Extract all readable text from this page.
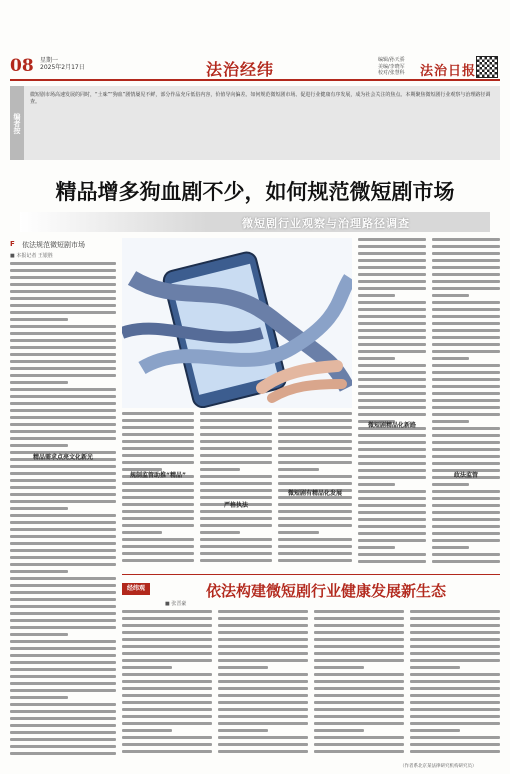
08 星期一
2025年2月17日	法治经纬	编辑/孙天骄
美编/李晓军
校对/张慧科 法治日报
编者按
微短剧市场高速发展的同时，“土味”“狗血”剧情屡见不鲜，部分作品充斥低俗内容，价值导向偏差。如何规范微短剧市场、促进行业健康有序发展，成为社会关注的焦点。本期聚焦微短剧行业观察与治理路径调查。
精品增多狗血剧不少，如何规范微短剧市场
微短剧行业观察与治理路径调查
F 依法规范微短剧市场
■ 本报记者 王银胜
精品需求点亮文化新光
规制监管助推“精品”
严格执法
微短剧精品化新路
政法监管
微短剧有精品化发展
经纬观	依法构建微短剧行业健康发展新生态
■ 张晋豪
（作者系北京某法律研究机构研究员）
